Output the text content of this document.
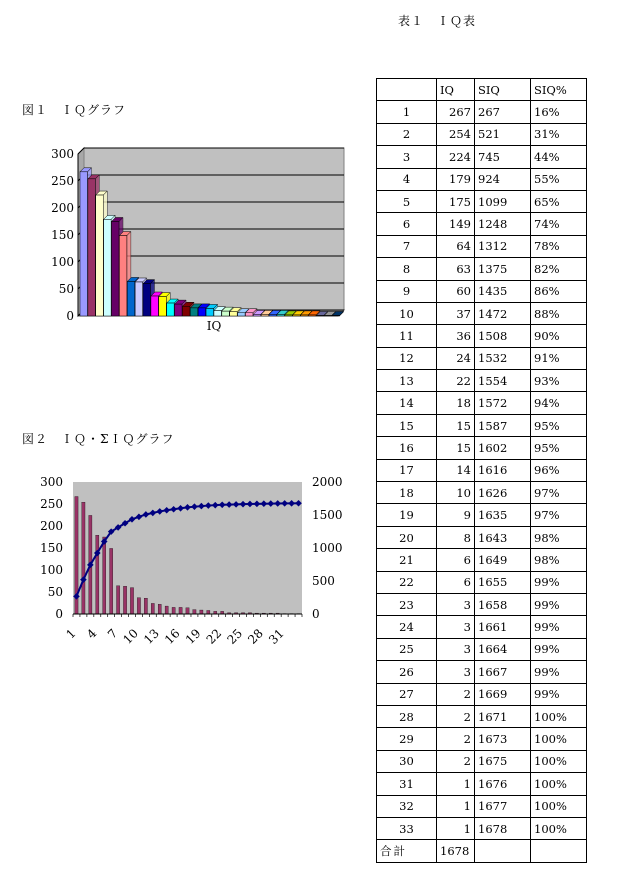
表１　ＩＱ表
図１　ＩＱグラフ
図２　ＩＱ・ΣＩＱグラフ
0
50
100
150
200
250
300
IQ
0
50
100
150
200
250
300
0
500
1000
1500
2000
1 4 7 10 13 16 19 22 25 28 31
	IQ	SIQ	SIQ%
1	267	267	16%
2	254	521	31%
3	224	745	44%
4	179	924	55%
5	175	1099	65%
6	149	1248	74%
7	64	1312	78%
8	63	1375	82%
9	60	1435	86%
10	37	1472	88%
11	36	1508	90%
12	24	1532	91%
13	22	1554	93%
14	18	1572	94%
15	15	1587	95%
16	15	1602	95%
17	14	1616	96%
18	10	1626	97%
19	9	1635	97%
20	8	1643	98%
21	6	1649	98%
22	6	1655	99%
23	3	1658	99%
24	3	1661	99%
25	3	1664	99%
26	3	1667	99%
27	2	1669	99%
28	2	1671	100%
29	2	1673	100%
30	2	1675	100%
31	1	1676	100%
32	1	1677	100%
33	1	1678	100%
合計	1678		
